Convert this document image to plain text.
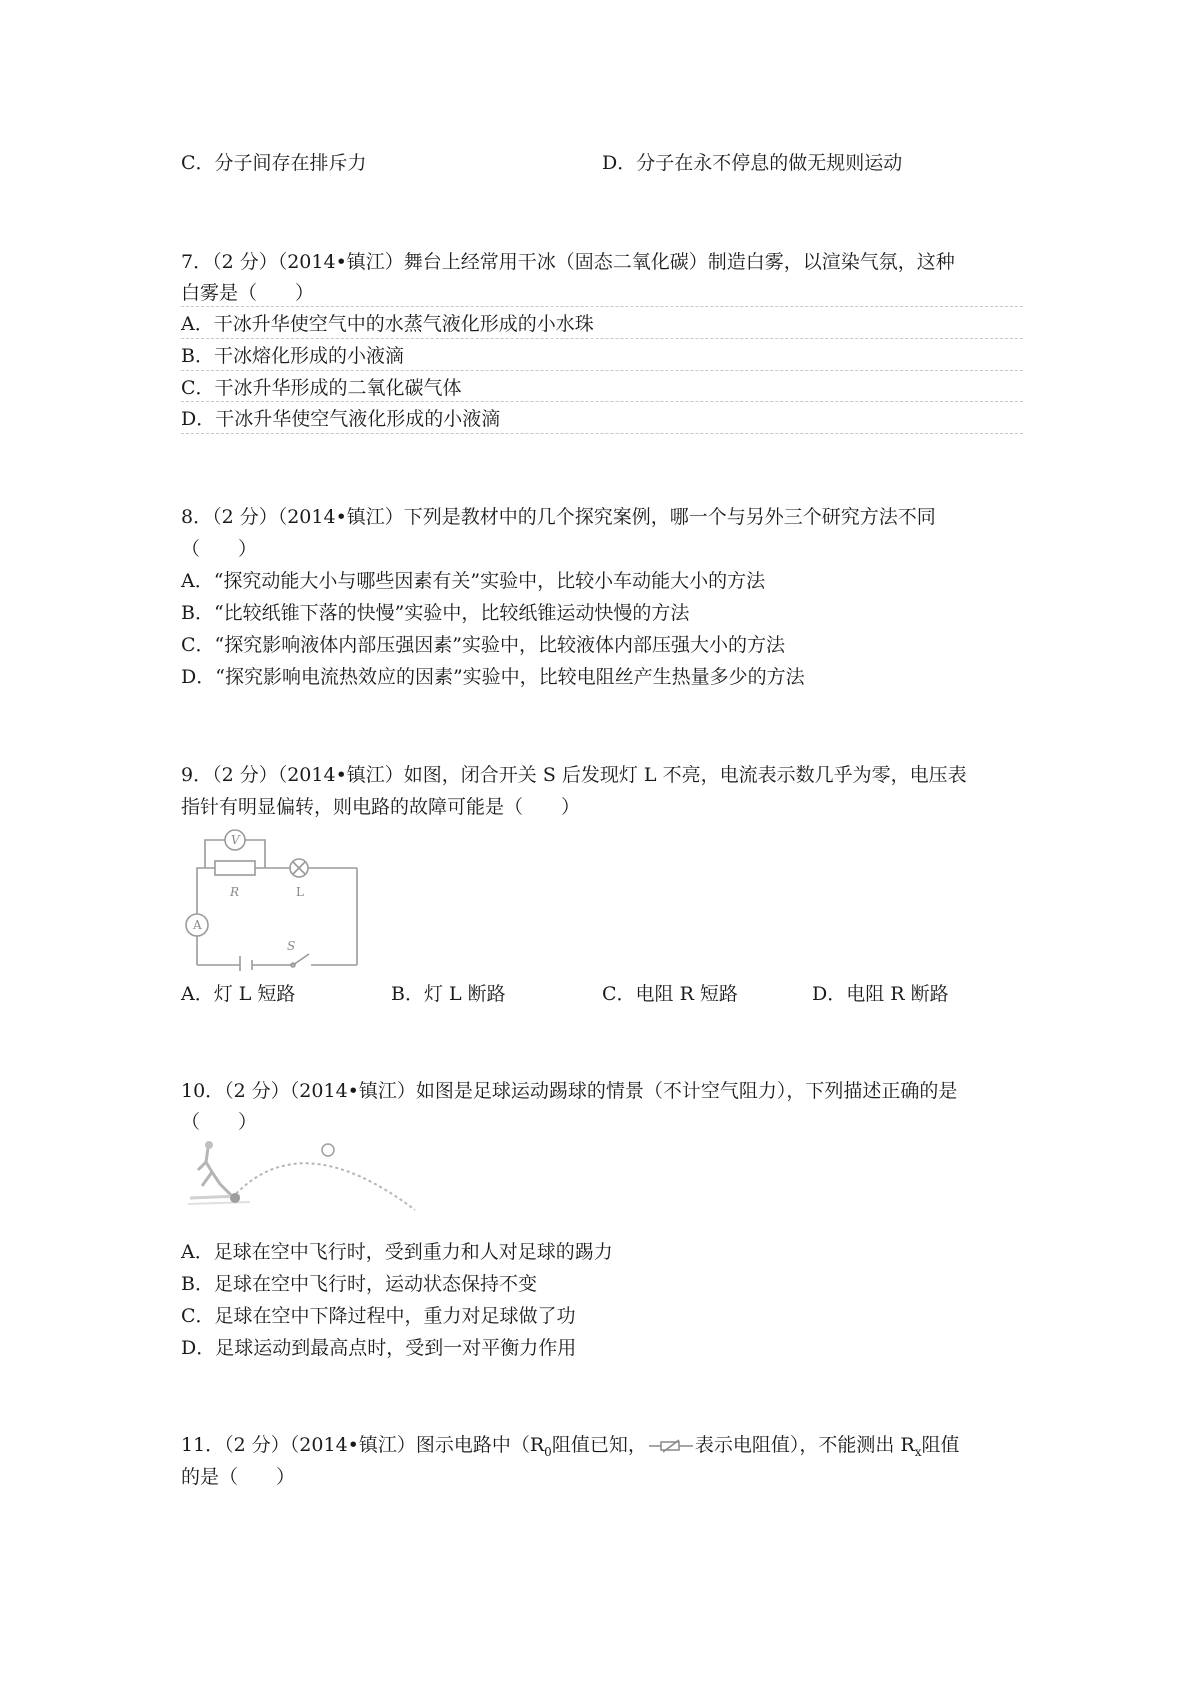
C．分子间存在排斥力	D．分子在永不停息的做无规则运动
7．（2 分）（2014•镇江）舞台上经常用干冰（固态二氧化碳）制造白雾，以渲染气氛，这种
白雾是（　　）
A．干冰升华使空气中的水蒸气液化形成的小水珠
B．干冰熔化形成的小液滴
C．干冰升华形成的二氧化碳气体
D．干冰升华使空气液化形成的小液滴
8．（2 分）（2014•镇江）下列是教材中的几个探究案例，哪一个与另外三个研究方法不同
（　　）
A．“探究动能大小与哪些因素有关”实验中，比较小车动能大小的方法
B．“比较纸锥下落的快慢”实验中，比较纸锥运动快慢的方法
C．“探究影响液体内部压强因素”实验中，比较液体内部压强大小的方法
D．“探究影响电流热效应的因素”实验中，比较电阻丝产生热量多少的方法
9．（2 分）（2014•镇江）如图，闭合开关 S 后发现灯 L 不亮，电流表示数几乎为零，电压表
指针有明显偏转，则电路的故障可能是（　　）
V
R	L
A
S
A．灯 L 短路	B．灯 L 断路	C．电阻 R 短路	D．电阻 R 断路
10．（2 分）（2014•镇江）如图是足球运动踢球的情景（不计空气阻力），下列描述正确的是
（　　）
A．足球在空中飞行时，受到重力和人对足球的踢力
B．足球在空中飞行时，运动状态保持不变
C．足球在空中下降过程中，重力对足球做了功
D．足球运动到最高点时，受到一对平衡力作用
11．（2 分）（2014•镇江）图示电路中（$R_0$阻值已知，	表示电阻值），不能测出 $R_x$阻值
的是（　　）
